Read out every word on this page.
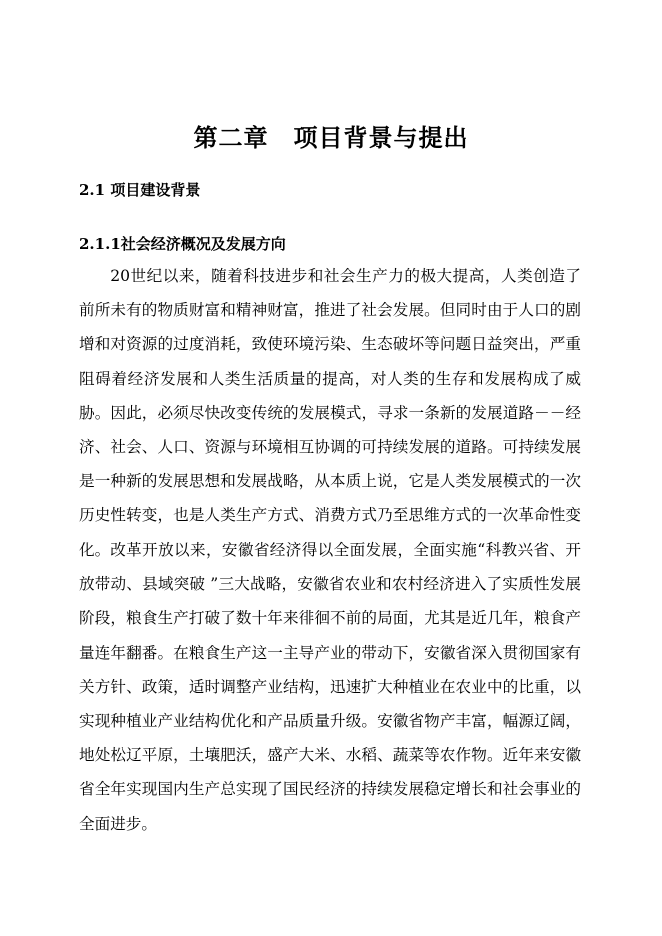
第二章　项目背景与提出
2.1 项目建设背景
2.1.1社会经济概况及发展方向

20世纪以来，随着科技进步和社会生产力的极大提高，人类创造了前所未有的物质财富和精神财富，推进了社会发展。但同时由于人口的剧增和对资源的过度消耗，致使环境污染、生态破坏等问题日益突出，严重阻碍着经济发展和人类生活质量的提高，对人类的生存和发展构成了威胁。因此，必须尽快改变传统的发展模式，寻求一条新的发展道路－－经济、社会、人口、资源与环境相互协调的可持续发展的道路。可持续发展是一种新的发展思想和发展战略，从本质上说，它是人类发展模式的一次历史性转变，也是人类生产方式、消费方式乃至思维方式的一次革命性变化。 改革开放以来，安徽省经济得以全面发展，全面实施“科教兴省、开放带动、县域突破 ”三大战略，安徽省农业和农村经济进入了实质性发展阶段，粮食生产打破了数十年来徘徊不前的局面，尤其是近几年，粮食产量连年翻番。在粮食生产这一主导产业的带动下，安徽省深入贯彻国家有关方针、政策，适时调整产业结构，迅速扩大种植业在农业中的比重，以实现种植业产业结构优化和产品质量升级。安徽省物产丰富，幅源辽阔，地处松辽平原，土壤肥沃，盛产大米、水稻、蔬菜等农作物。近年来安徽省全年实现国内生产总实现了国民经济的持续发展稳定增长和社会事业的全面进步。
